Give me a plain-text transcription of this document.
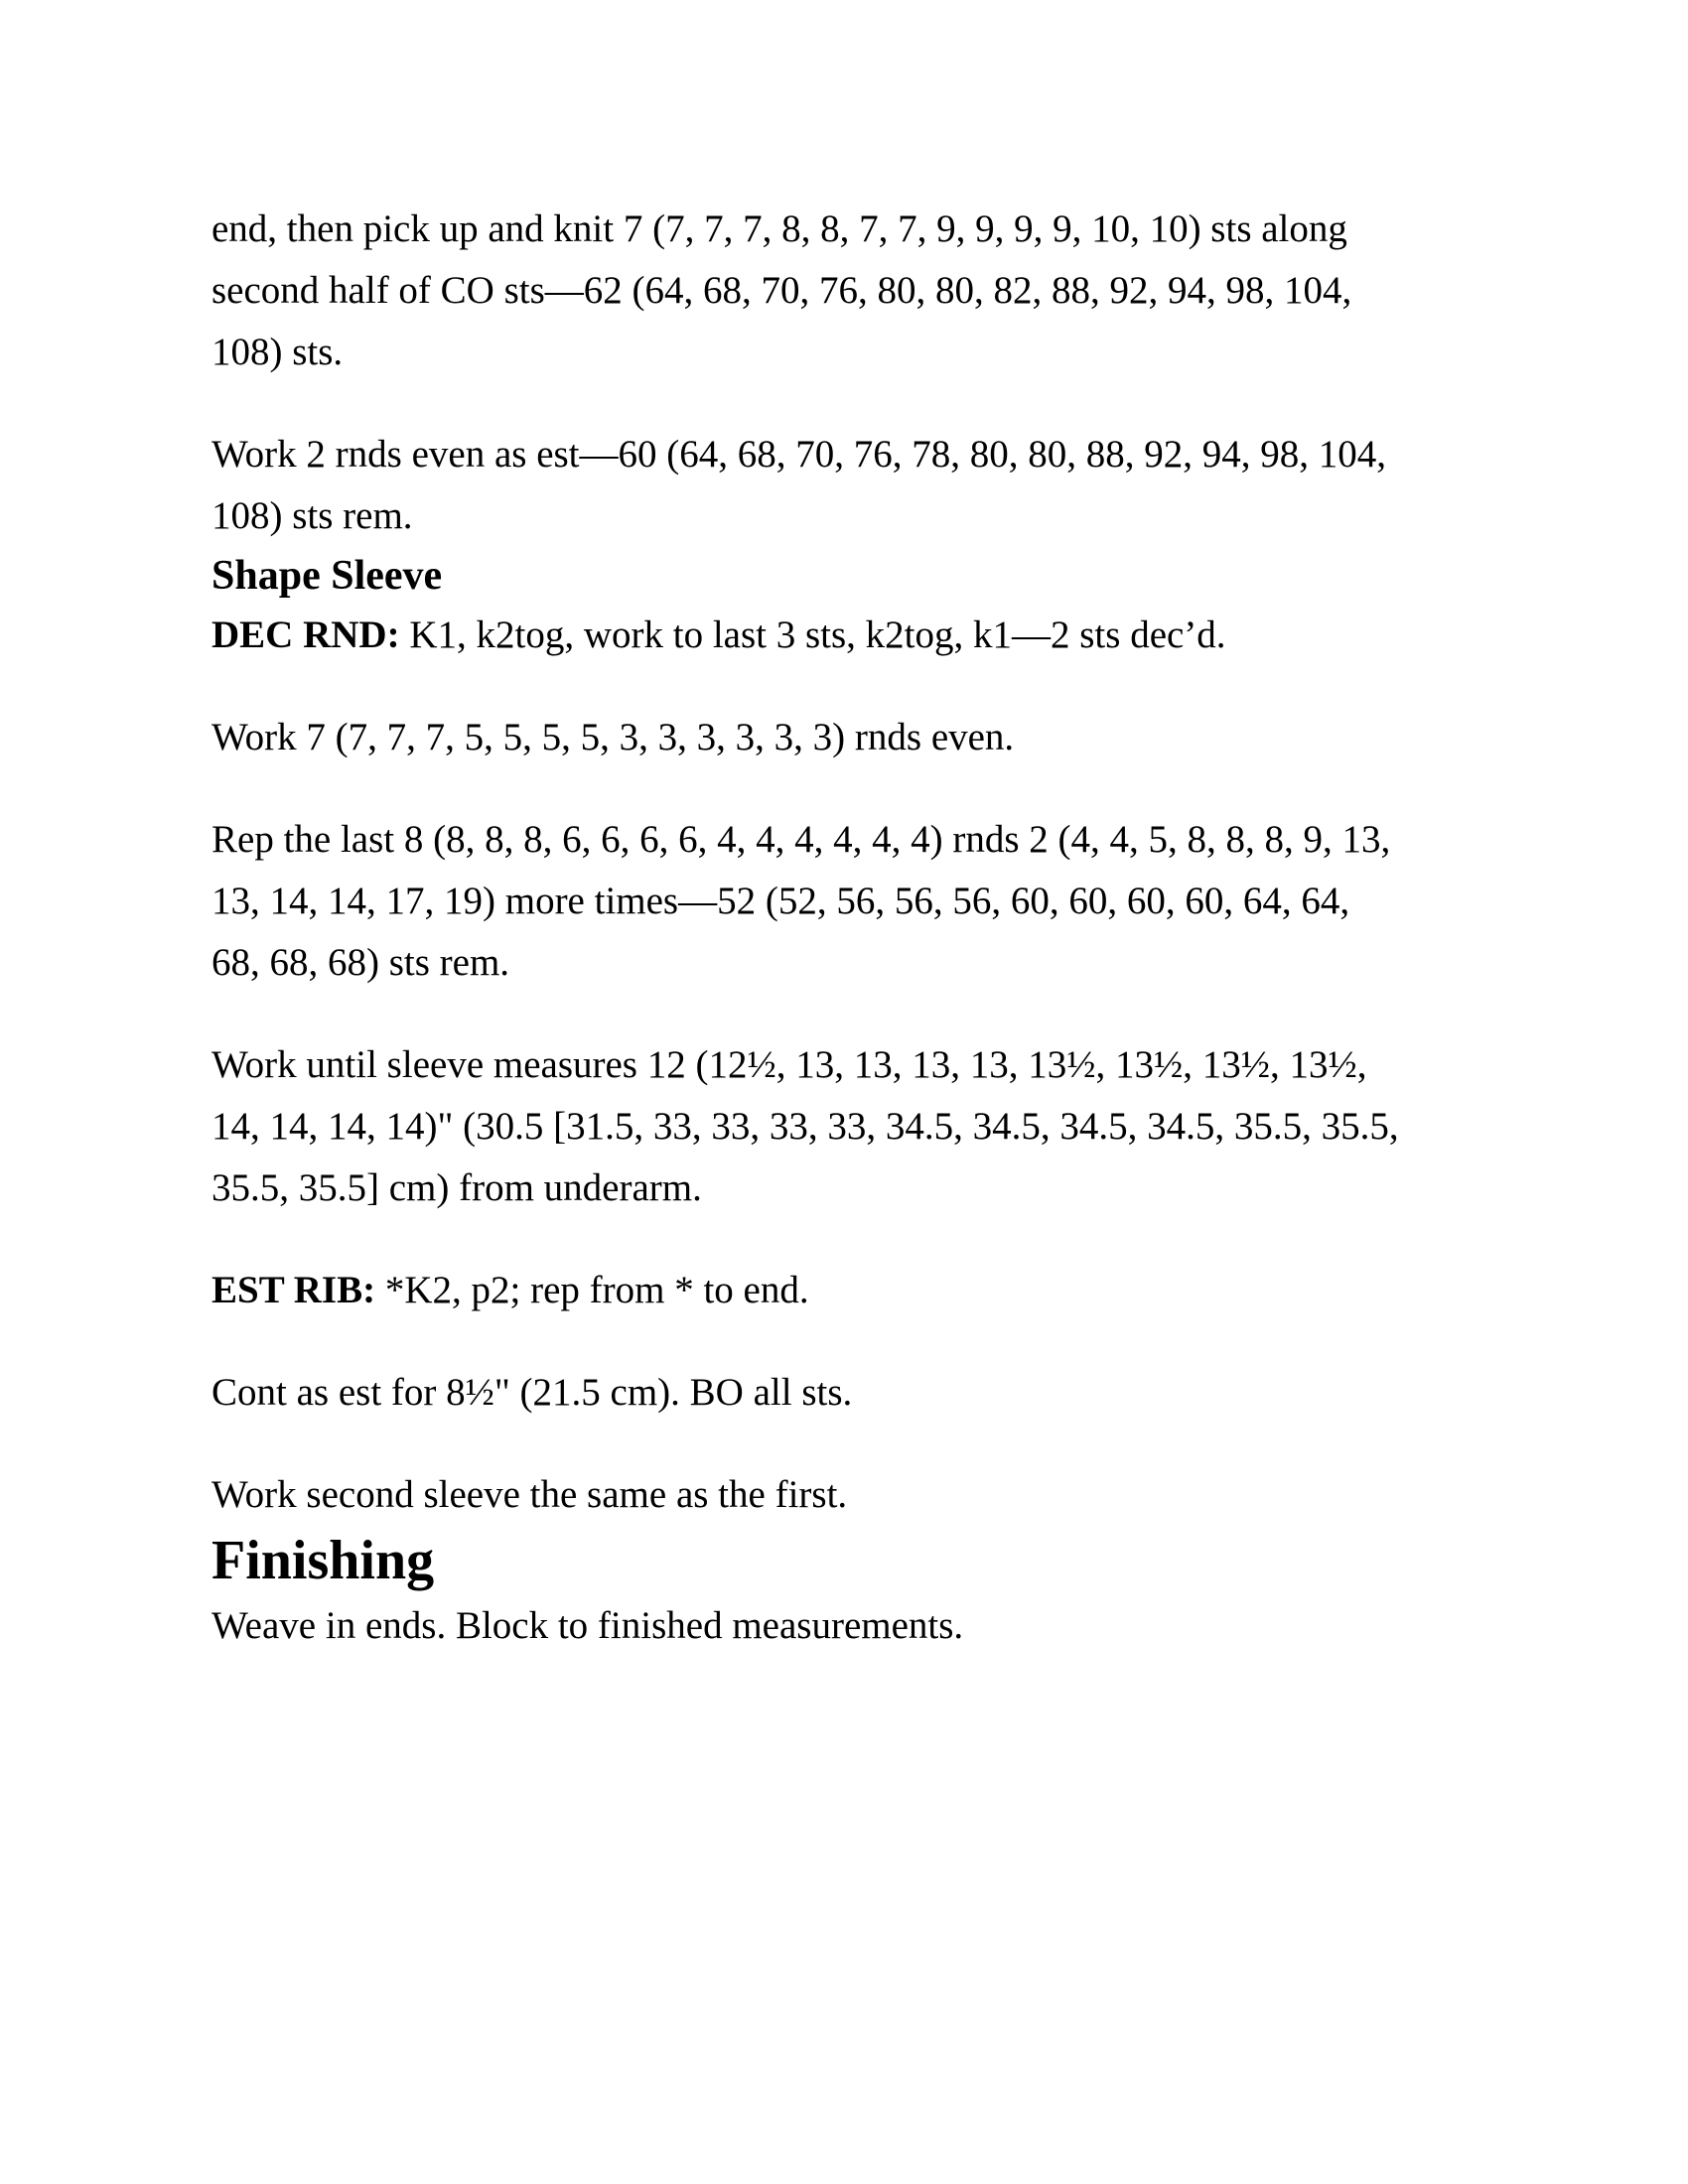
end, then pick up and knit 7 (7, 7, 7, 8, 8, 7, 7, 9, 9, 9, 9, 10, 10) sts along
second half of CO sts—62 (64, 68, 70, 76, 80, 80, 82, 88, 92, 94, 98, 104,
108) sts.

Work 2 rnds even as est—60 (64, 68, 70, 76, 78, 80, 80, 88, 92, 94, 98, 104,
108) sts rem.

Shape Sleeve

DEC RND: K1, k2tog, work to last 3 sts, k2tog, k1—2 sts dec’d.

Work 7 (7, 7, 7, 5, 5, 5, 5, 3, 3, 3, 3, 3, 3) rnds even.

Rep the last 8 (8, 8, 8, 6, 6, 6, 6, 4, 4, 4, 4, 4, 4) rnds 2 (4, 4, 5, 8, 8, 8, 9, 13,
13, 14, 14, 17, 19) more times—52 (52, 56, 56, 56, 60, 60, 60, 60, 64, 64,
68, 68, 68) sts rem.

Work until sleeve measures 12 (12½, 13, 13, 13, 13, 13½, 13½, 13½, 13½,
14, 14, 14, 14)" (30.5 [31.5, 33, 33, 33, 33, 34.5, 34.5, 34.5, 34.5, 35.5, 35.5,
35.5, 35.5] cm) from underarm.

EST RIB: *K2, p2; rep from * to end.

Cont as est for 8½" (21.5 cm). BO all sts.

Work second sleeve the same as the first.

Finishing

Weave in ends. Block to finished measurements.
